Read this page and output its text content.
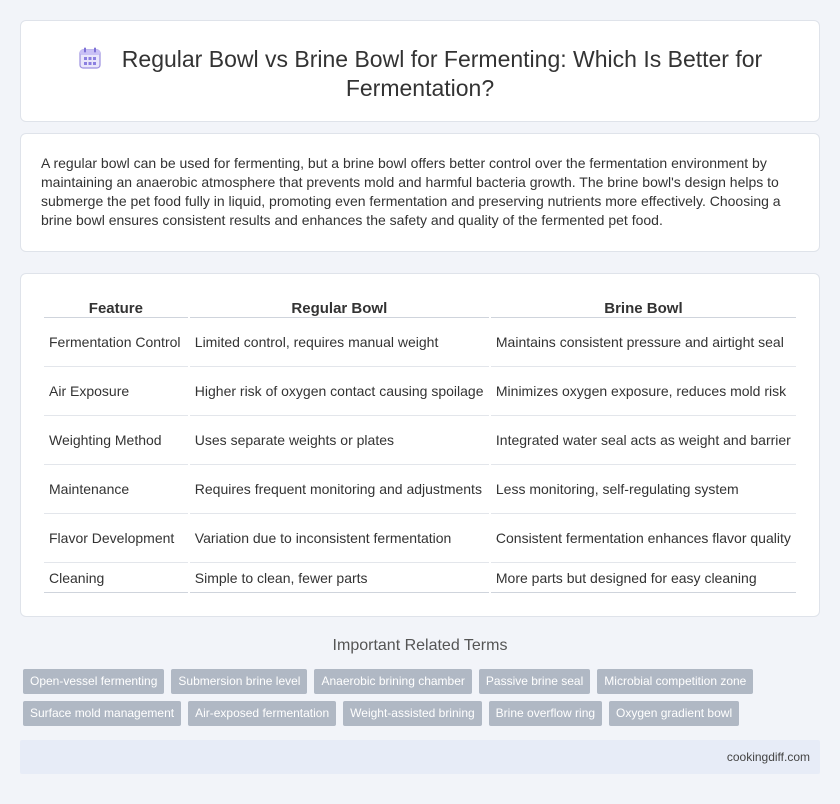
Regular Bowl vs Brine Bowl for Fermenting: Which Is Better for Fermentation?

A regular bowl can be used for fermenting, but a brine bowl offers better control over the fermentation environment by maintaining an anaerobic atmosphere that prevents mold and harmful bacteria growth. The brine bowl's design helps to submerge the pet food fully in liquid, promoting even fermentation and preserving nutrients more effectively. Choosing a brine bowl ensures consistent results and enhances the safety and quality of the fermented pet food.

Feature	Regular Bowl	Brine Bowl
Fermentation Control	Limited control, requires manual weight	Maintains consistent pressure and airtight seal
Air Exposure	Higher risk of oxygen contact causing spoilage	Minimizes oxygen exposure, reduces mold risk
Weighting Method	Uses separate weights or plates	Integrated water seal acts as weight and barrier
Maintenance	Requires frequent monitoring and adjustments	Less monitoring, self-regulating system
Flavor Development	Variation due to inconsistent fermentation	Consistent fermentation enhances flavor quality
Cleaning	Simple to clean, fewer parts	More parts but designed for easy cleaning
Important Related Terms
Open-vessel fermenting	Submersion brine level	Anaerobic brining chamber	Passive brine seal	Microbial competition zone
Surface mold management	Air-exposed fermentation	Weight-assisted brining	Brine overflow ring	Oxygen gradient bowl
cookingdiff.com
